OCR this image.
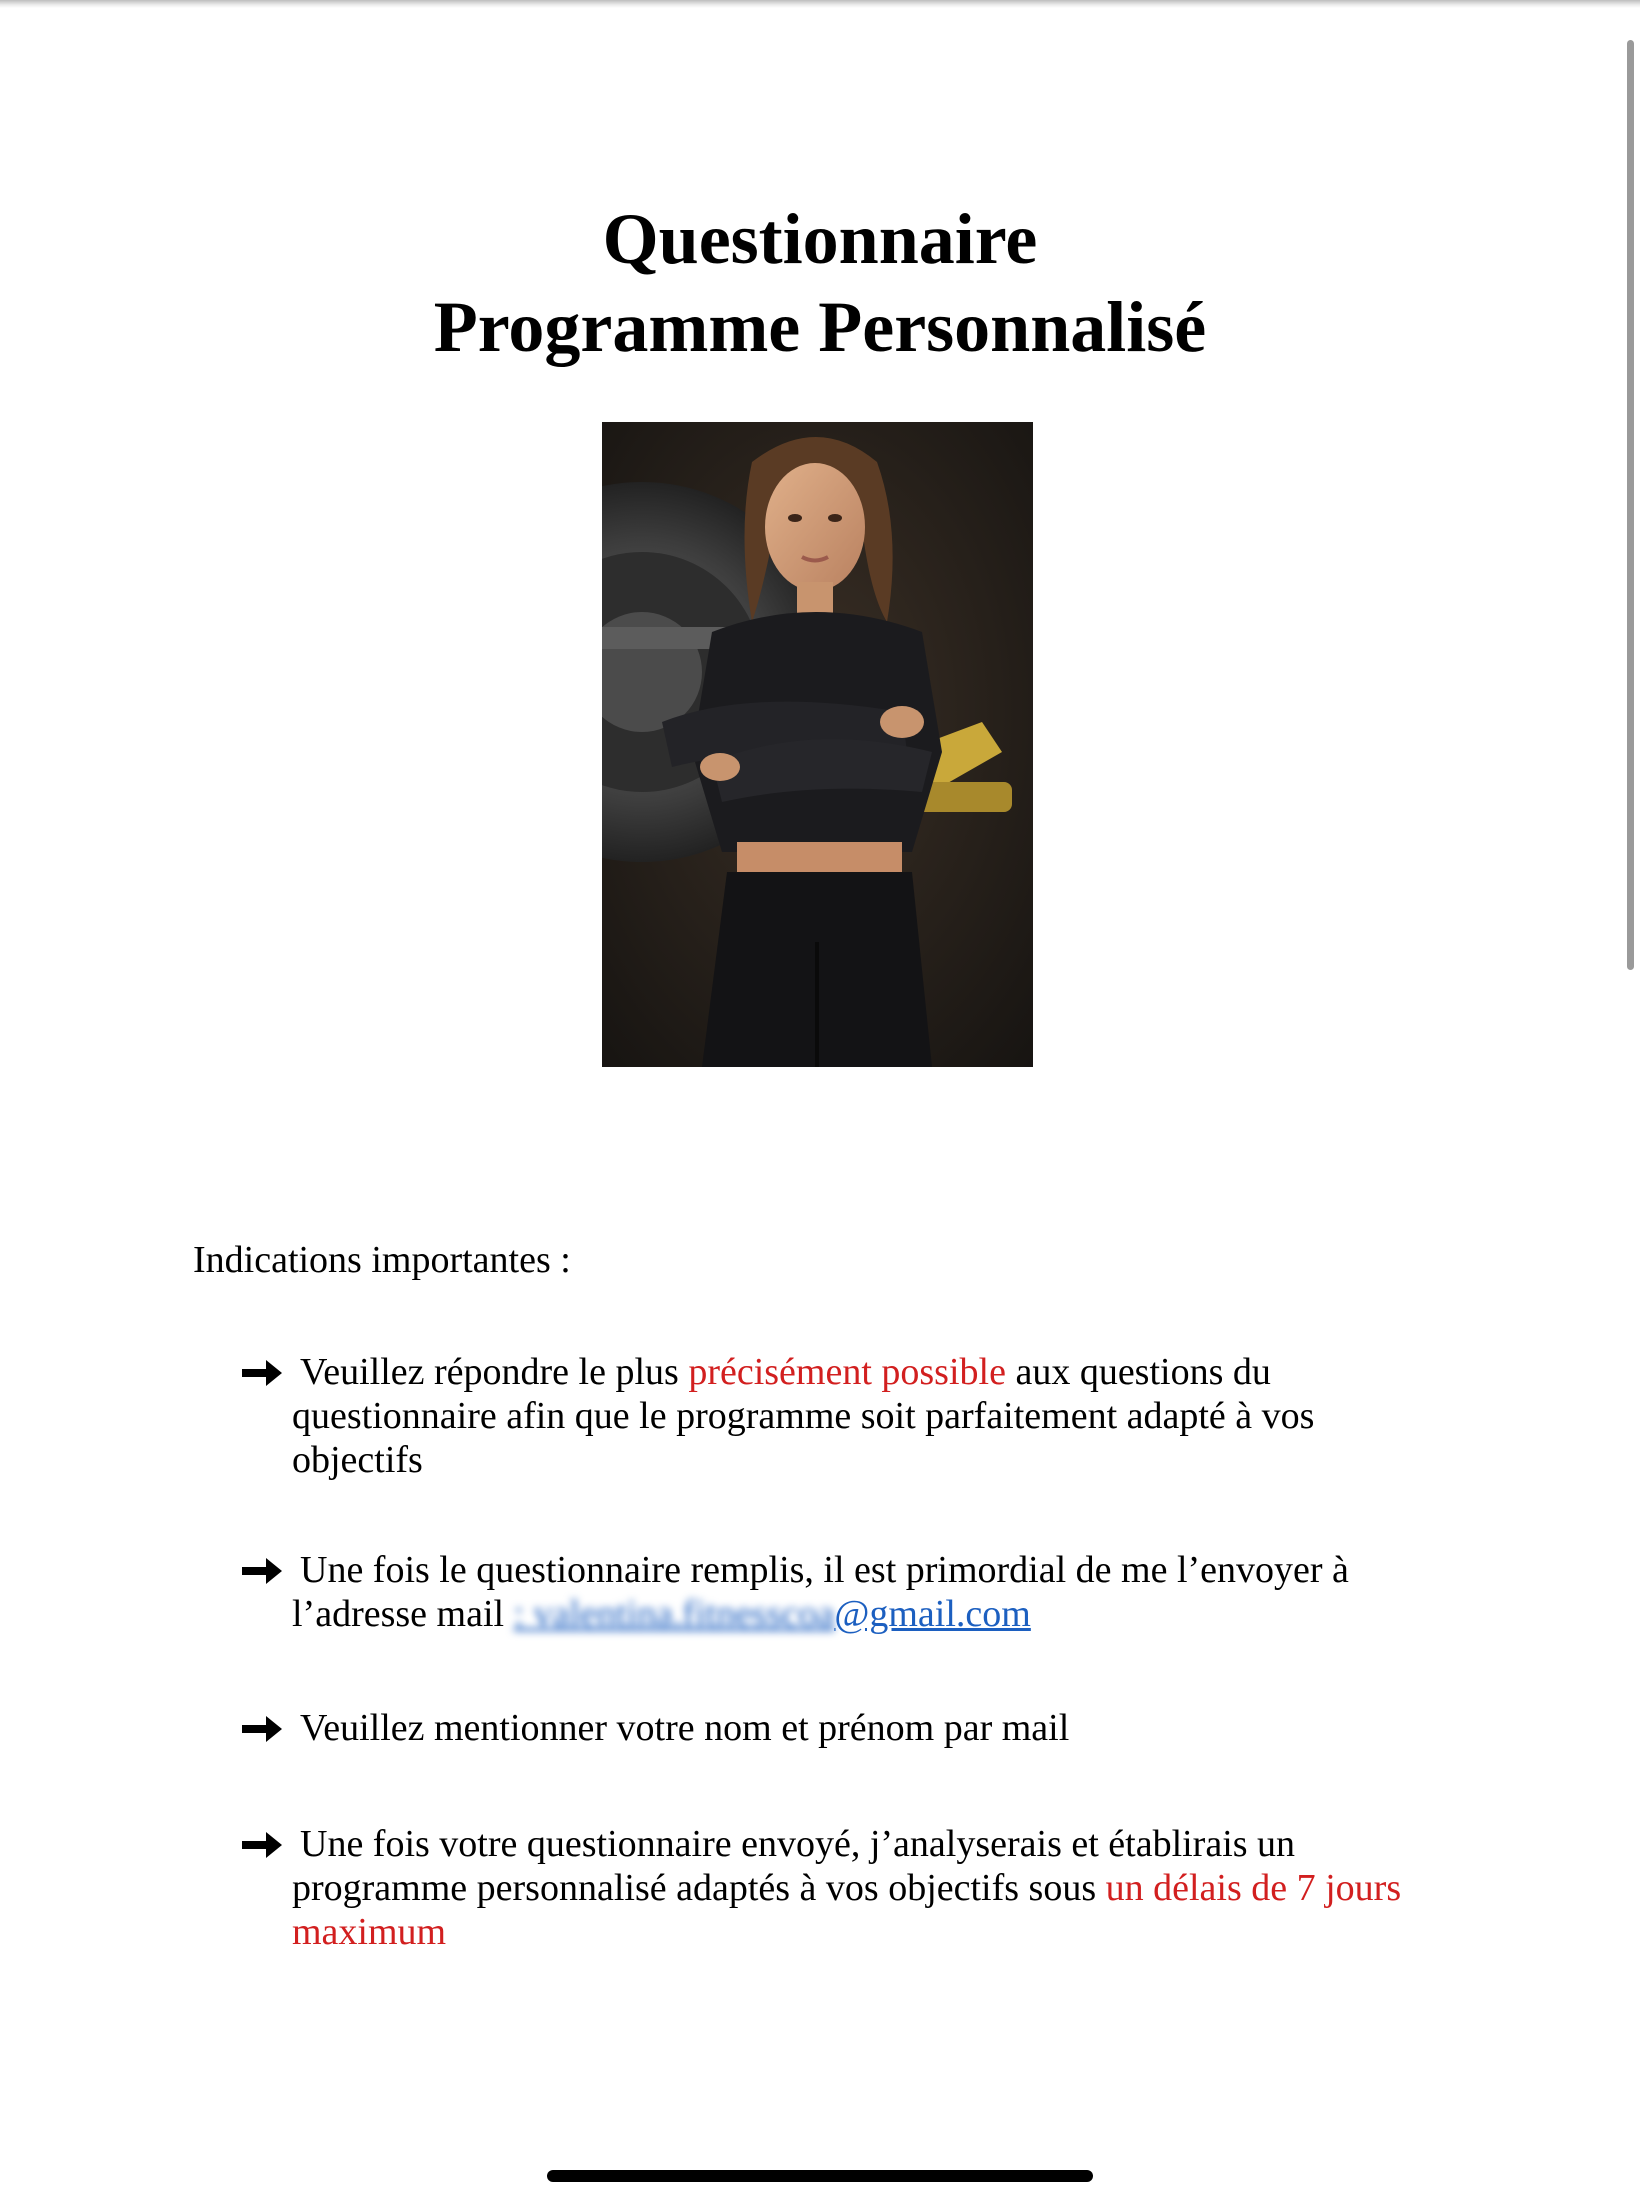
Questionnaire
Programme Personnalisé
Indications importantes :
Veuillez répondre le plus précisément possible aux questions du questionnaire afin que le programme soit parfaitement adapté à vos objectifs
Une fois le questionnaire remplis, il est primordial de me l’envoyer à l’adresse mail : valentina.fitnesscoa@gmail.com
Veuillez mentionner votre nom et prénom par mail
Une fois votre questionnaire envoyé, j’analyserais et établirais un programme personnalisé adaptés à vos objectifs sous un délais de 7 jours maximum
